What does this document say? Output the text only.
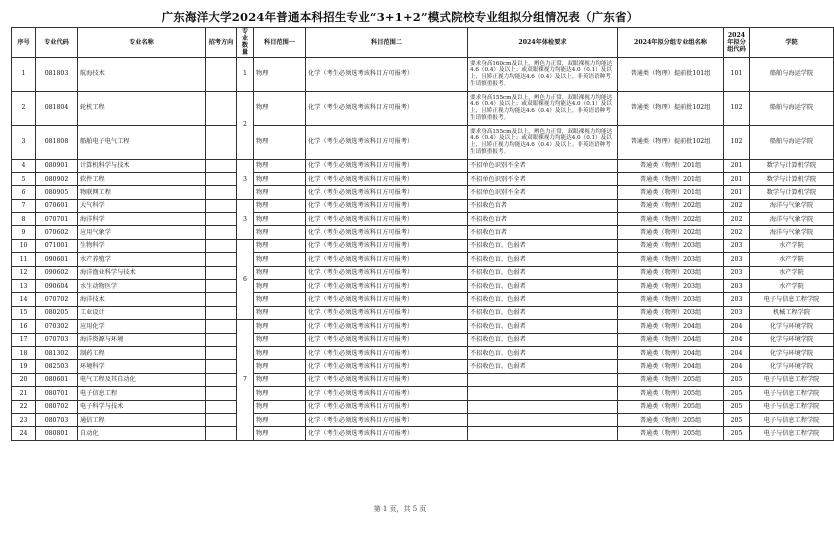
广东海洋大学2024年普通本科招生专业“3+1+2”模式院校专业组拟分组情况表（广东省）
序号	专业代码	专业名称	招考方向	专业数量	科目范围一	科目范围二	2024年体检要求	2024年拟分组专业组名称	2024年拟分组代码	学院
1	081803	航海技术		1	物理	化学（考生必须选考该科目方可报考）	要求身高160cm及以上，辨色力正常，双眼裸视力均能达4.6（0.4）及以上；或双眼裸视力均能达4.0（0.1）及以上，且矫正视力均能达4.6（0.4）及以上。非英语语种考生请慎重报考。	普通类（物理）提前批101组	101	船舶与海运学院
2	081804	轮机工程		2	物理	化学（考生必须选考该科目方可报考）	要求身高155cm及以上，辨色力正常，双眼裸视力均能达4.6（0.4）及以上；或双眼裸视力均能达4.0（0.1）及以上，且矫正视力均能达4.6（0.4）及以上。非英语语种考生请慎重报考。	普通类（物理）提前批102组	102	船舶与海运学院
3	081808	船舶电子电气工程			物理	化学（考生必须选考该科目方可报考）	要求身高155cm及以上，辨色力正常，双眼裸视力均能达4.6（0.4）及以上；或双眼裸视力均能达4.0（0.1）及以上，且矫正视力均能达4.6（0.4）及以上。非英语语种考生请慎重报考。	普通类（物理）提前批102组	102	船舶与海运学院
4	080901	计算机科学与技术		3	物理	化学（考生必须选考该科目方可报考）	不招单色识别不全者	普通类（物理）201组	201	数学与计算机学院
5	080902	软件工程			物理	化学（考生必须选考该科目方可报考）	不招单色识别不全者	普通类（物理）201组	201	数学与计算机学院
6	080905	物联网工程			物理	化学（考生必须选考该科目方可报考）	不招单色识别不全者	普通类（物理）201组	201	数学与计算机学院
7	070601	大气科学		3	物理	化学（考生必须选考该科目方可报考）	不招收色盲者	普通类（物理）202组	202	海洋与气象学院
8	070701	海洋科学			物理	化学（考生必须选考该科目方可报考）	不招收色盲者	普通类（物理）202组	202	海洋与气象学院
9	070602	应用气象学			物理	化学（考生必须选考该科目方可报考）	不招收色盲者	普通类（物理）202组	202	海洋与气象学院
10	071001	生物科学		6	物理	化学（考生必须选考该科目方可报考）	不招收色盲、色弱者	普通类（物理）203组	203	水产学院
11	090601	水产养殖学			物理	化学（考生必须选考该科目方可报考）	不招收色盲、色弱者	普通类（物理）203组	203	水产学院
12	090602	海洋渔业科学与技术			物理	化学（考生必须选考该科目方可报考）	不招收色盲、色弱者	普通类（物理）203组	203	水产学院
13	090604	水生动物医学			物理	化学（考生必须选考该科目方可报考）	不招收色盲、色弱者	普通类（物理）203组	203	水产学院
14	070702	海洋技术			物理	化学（考生必须选考该科目方可报考）	不招收色盲、色弱者	普通类（物理）203组	203	电子与信息工程学院
15	080205	工业设计			物理	化学（考生必须选考该科目方可报考）	不招收色盲、色弱者	普通类（物理）203组	203	机械工程学院
16	070302	应用化学		7	物理	化学（考生必须选考该科目方可报考）	不招收色盲、色弱者	普通类（物理）204组	204	化学与环境学院
17	070703	海洋资源与环境			物理	化学（考生必须选考该科目方可报考）	不招收色盲、色弱者	普通类（物理）204组	204	化学与环境学院
18	081302	制药工程			物理	化学（考生必须选考该科目方可报考）	不招收色盲、色弱者	普通类（物理）204组	204	化学与环境学院
19	082503	环境科学			物理	化学（考生必须选考该科目方可报考）	不招收色盲、色弱者	普通类（物理）204组	204	化学与环境学院
20	080601	电气工程及其自动化			物理	化学（考生必须选考该科目方可报考）		普通类（物理）205组	205	电子与信息工程学院
21	080701	电子信息工程			物理	化学（考生必须选考该科目方可报考）		普通类（物理）205组	205	电子与信息工程学院
22	080702	电子科学与技术			物理	化学（考生必须选考该科目方可报考）		普通类（物理）205组	205	电子与信息工程学院
23	080703	通信工程			物理	化学（考生必须选考该科目方可报考）		普通类（物理）205组	205	电子与信息工程学院
24	080801	自动化			物理	化学（考生必须选考该科目方可报考）		普通类（物理）205组	205	电子与信息工程学院
第 1 页，共 5 页
